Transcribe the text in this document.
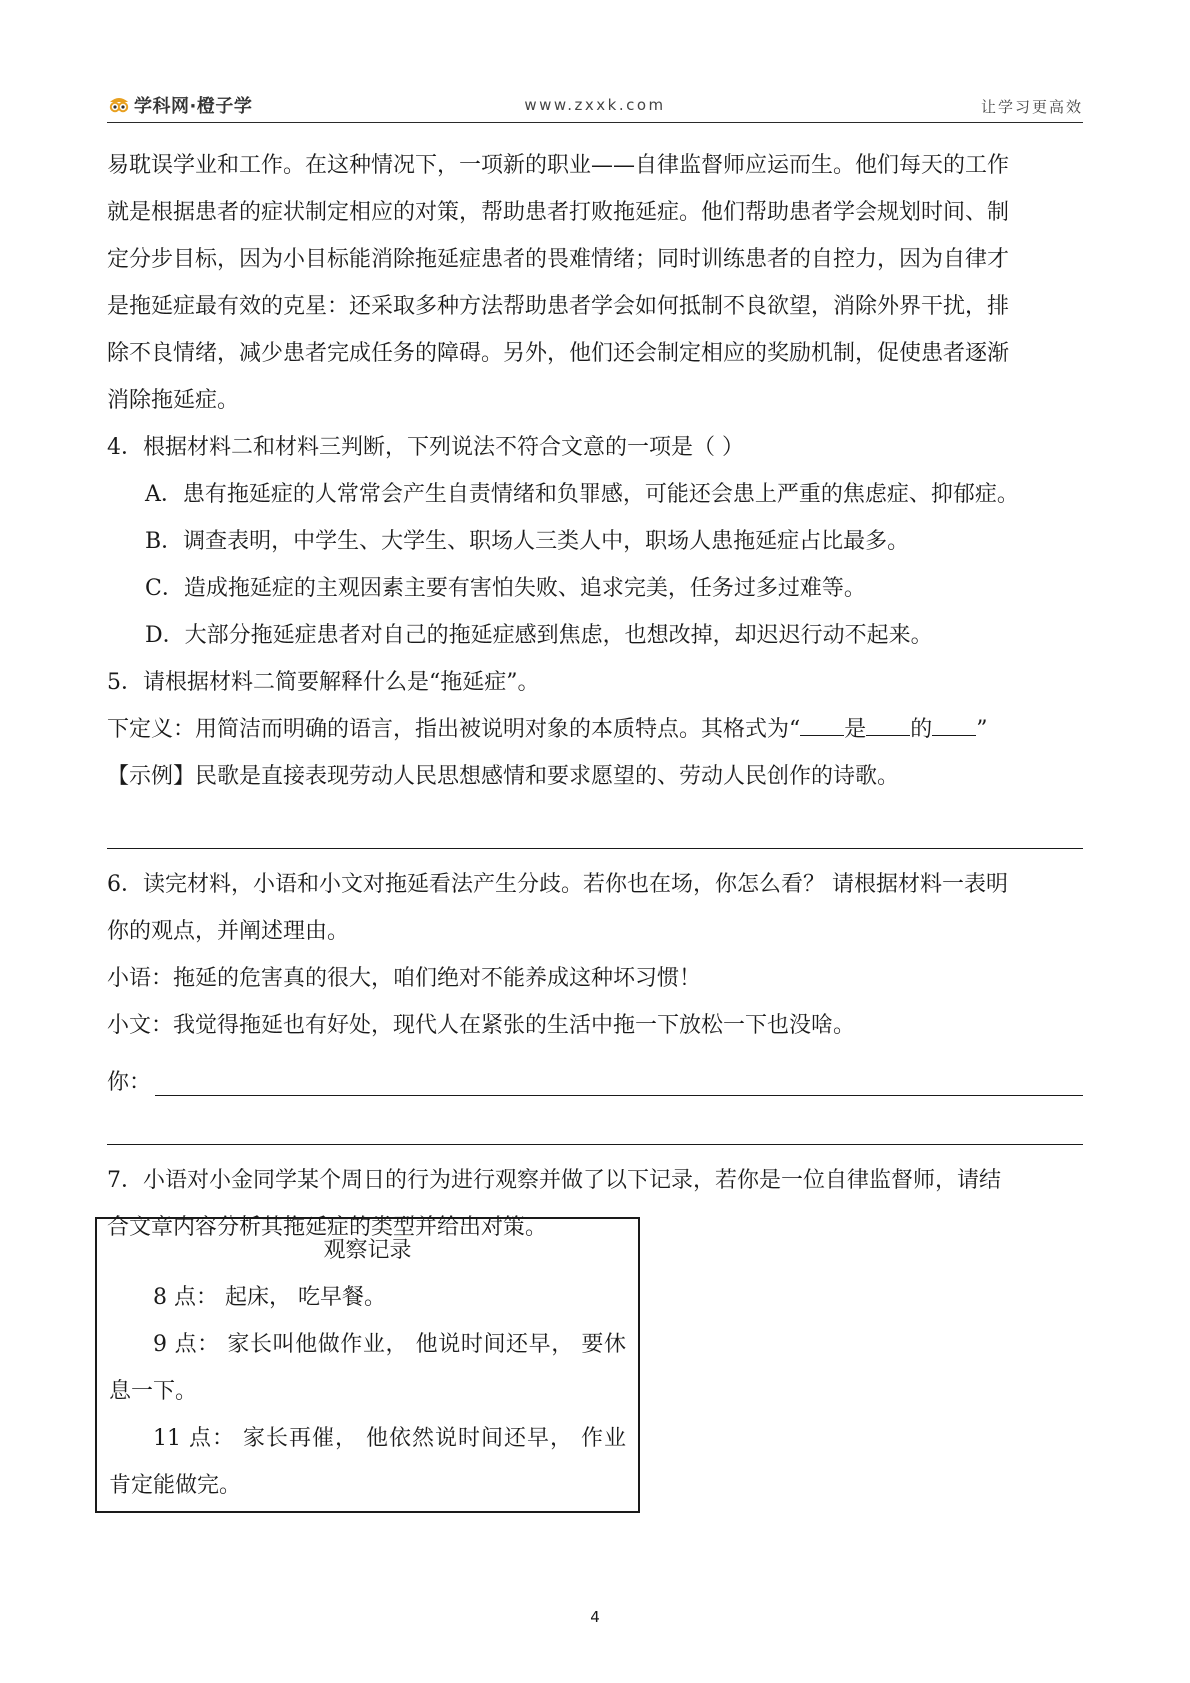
学科网·橙子学	www.zxxk.com	让学习更高效

易耽误学业和工作。在这种情况下，一项新的职业——自律监督师应运而生。他们每天的工作

就是根据患者的症状制定相应的对策，帮助患者打败拖延症。他们帮助患者学会规划时间、制

定分步目标，因为小目标能消除拖延症患者的畏难情绪；同时训练患者的自控力，因为自律才

是拖延症最有效的克星：还采取多种方法帮助患者学会如何抵制不良欲望，消除外界干扰，排

除不良情绪，减少患者完成任务的障碍。另外，他们还会制定相应的奖励机制，促使患者逐渐

消除拖延症。

4．根据材料二和材料三判断，下列说法不符合文意的一项是（ ）

A．患有拖延症的人常常会产生自责情绪和负罪感，可能还会患上严重的焦虑症、抑郁症。

B．调查表明，中学生、大学生、职场人三类人中，职场人患拖延症占比最多。

C．造成拖延症的主观因素主要有害怕失败、追求完美，任务过多过难等。

D．大部分拖延症患者对自己的拖延症感到焦虑，也想改掉，却迟迟行动不起来。

5．请根据材料二简要解释什么是“拖延症”。

下定义：用简洁而明确的语言，指出被说明对象的本质特点。其格式为“ 是 的 ”

【示例】民歌是直接表现劳动人民思想感情和要求愿望的、劳动人民创作的诗歌。

6．读完材料，小语和小文对拖延看法产生分歧。若你也在场，你怎么看？ 请根据材料一表明

你的观点，并阐述理由。

小语：拖延的危害真的很大，咱们绝对不能养成这种坏习惯！

小文：我觉得拖延也有好处，现代人在紧张的生活中拖一下放松一下也没啥。

你：

7．小语对小金同学某个周日的行为进行观察并做了以下记录，若你是一位自律监督师，请结

合文章内容分析其拖延症的类型并给出对策。

观察记录
8 点： 起床， 吃早餐。
9 点： 家长叫他做作业， 他说时间还早， 要休息一下。
11 点： 家长再催， 他依然说时间还早， 作业肯定能做完。
4
